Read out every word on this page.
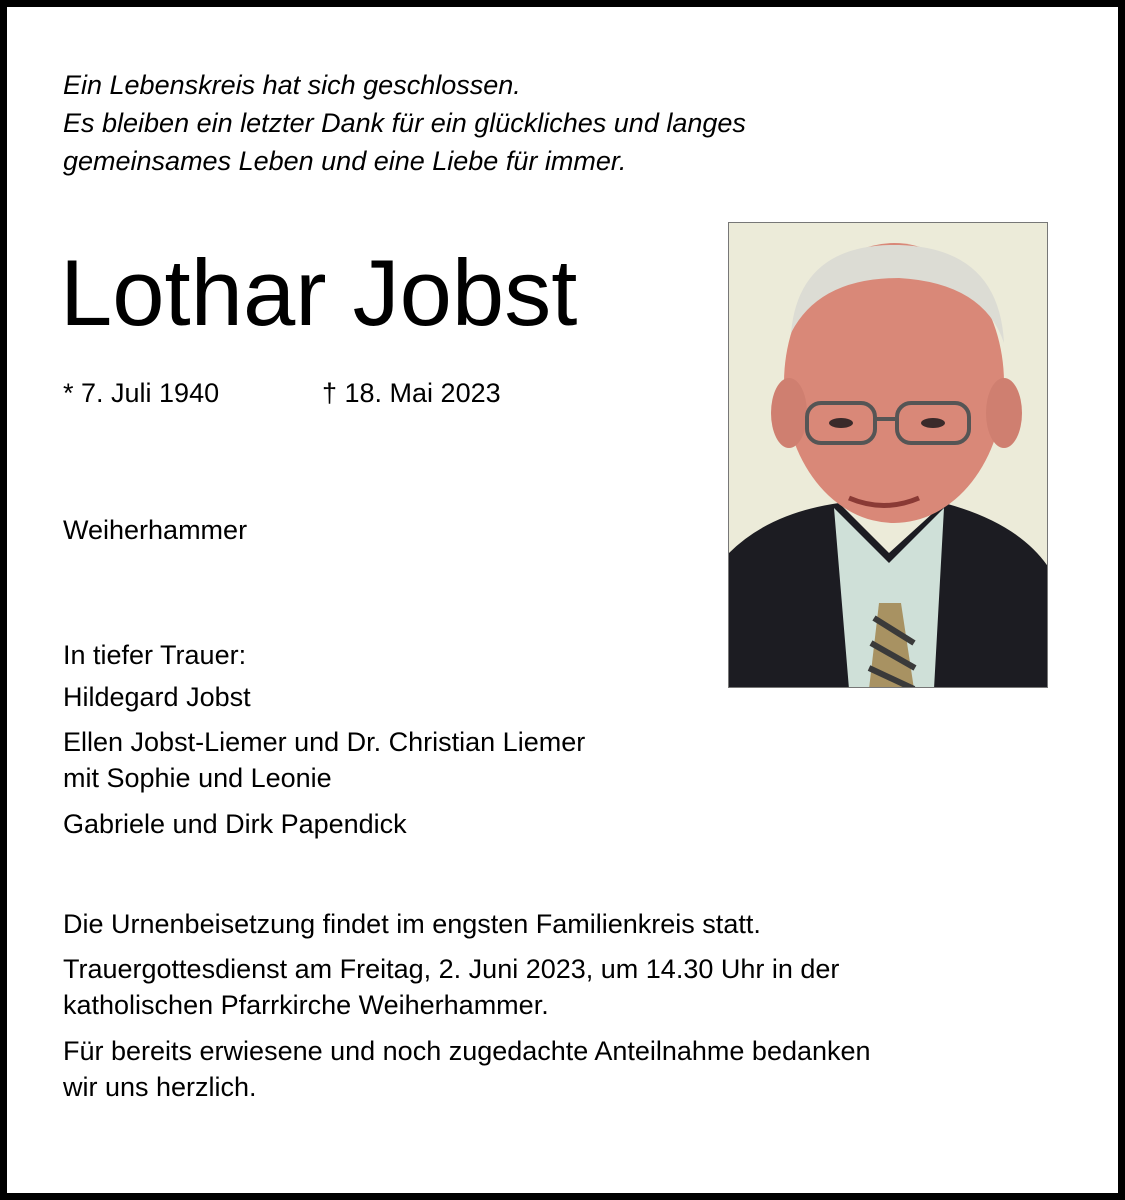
Ein Lebenskreis hat sich geschlossen.
Es bleiben ein letzter Dank für ein glückliches und langes
gemeinsames Leben und eine Liebe für immer.
Lothar Jobst
* 7. Juli 1940	† 18. Mai 2023
Weiherhammer
In tiefer Trauer:
Hildegard Jobst
Ellen Jobst-Liemer und Dr. Christian Liemer
mit Sophie und Leonie
Gabriele und Dirk Papendick
Die Urnenbeisetzung findet im engsten Familienkreis statt.
Trauergottesdienst am Freitag, 2. Juni 2023, um 14.30 Uhr in der
katholischen Pfarrkirche Weiherhammer.
Für bereits erwiesene und noch zugedachte Anteilnahme bedanken
wir uns herzlich.
